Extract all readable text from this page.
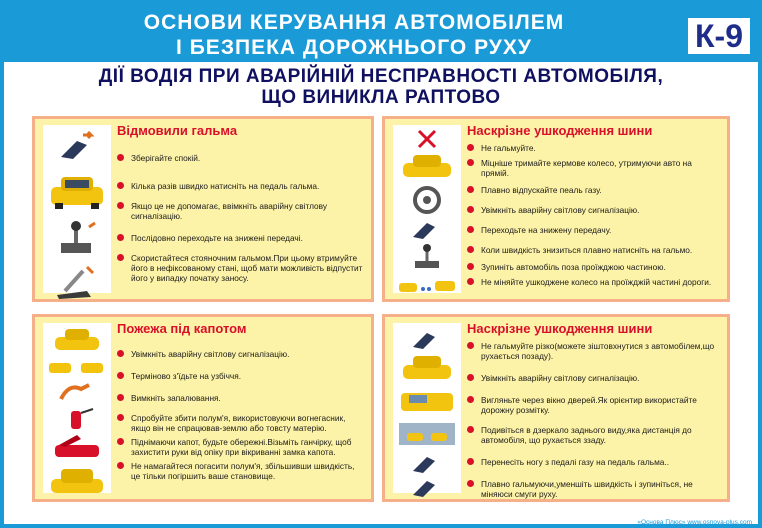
ОСНОВИ КЕРУВАННЯ АВТОМОБІЛЕМ
І БЕЗПЕКА ДОРОЖНЬОГО РУХУ	К-9
ДІЇ ВОДІЯ ПРИ АВАРІЙНІЙ НЕСПРАВНОСТІ АВТОМОБІЛЯ,
ЩО ВИНИКЛА РАПТОВО
Відмовили гальма
Зберігайте спокій.
Кілька разів швидко натисніть на педаль гальма.
Якщо це не допомагає, ввімкніть аварійну світлову сигналізацію.
Послідовно переходьте на знижені передачі.
Скористайтеся стояночним гальмом.При цьому втримуйте його в нефіксованому стані, щоб мати можливість відпустит його у випадку початку заносу.
Наскрізне ушкодження шини
Не гальмуйте.
Міцніше тримайте кермове колесо, утримуючи авто на прямій.
Плавно відпускайте пеаль газу.
Увімкніть аварійну світлову сигналізацію.
Переходьте на знижену передачу.
Коли швидкість знизиться плавно натисніть на гальмо.
Зупиніть автомобіль поза проїжджою частиною.
Не міняйте ушкоджене колесо на проїжджій частині дороги.
Пожежа під капотом
Увімкніть аварійну світлову сигналізацію.
Терміново з'їдьте на узбіччя.
Вимкніть запалювання.
Спробуйте збити полум'я, використовуючи вогнегасник, якщо він не спрацював-землю або товсту матерію.
Піднімаючи капот, будьте обережні.Візьміть ганчірку, щоб захистити руки від опіку при вікриванні замка капота.
Не намагайтеся погасити полум'я, збільшивши швидкість, це тільки погіршить ваше становище.
Наскрізне ушкодження шини
Не гальмуйте різко(можете зіштовхнутися з автомобілем,що рухається позаду).
Увімкніть аварійну світлову сигналізацію.
Вигляньте через вікно дверей.Як орієнтир використайте дорожну розмітку.
Подивіться в дзеркало заднього виду,яка дистанція до автомобіля, що рухається ззаду.
Перенесіть ногу з педалі газу на педаль гальма..
Плавно гальмуючи,уменшіть швидкість і зупиніться, не міняюси смуги руху.
«Основа Плюс» www.osnova-plus.com
